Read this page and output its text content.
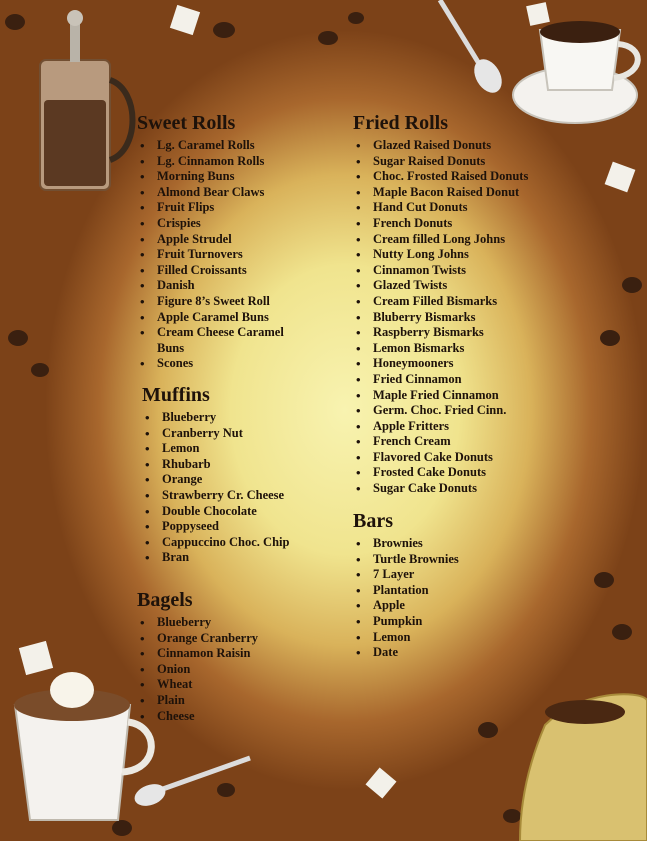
Sweet Rolls
• Lg. Caramel Rolls
• Lg. Cinnamon Rolls
• Morning Buns
• Almond Bear Claws
• Fruit Flips
• Crispies
• Apple Strudel
• Fruit Turnovers
• Filled Croissants
• Danish
• Figure 8’s Sweet Roll
• Apple Caramel Buns
• Cream Cheese Caramel Buns
• Scones
Muffins
• Blueberry
• Cranberry Nut
• Lemon
• Rhubarb
• Orange
• Strawberry Cr. Cheese
• Double Chocolate
• Poppyseed
• Cappuccino Choc. Chip
• Bran
Bagels
• Blueberry
• Orange Cranberry
• Cinnamon Raisin
• Onion
• Wheat
• Plain
• Cheese
Fried Rolls
• Glazed Raised Donuts
• Sugar Raised Donuts
• Choc. Frosted Raised Donuts
• Maple Bacon Raised Donut
• Hand Cut Donuts
• French Donuts
• Cream filled Long Johns
• Nutty Long Johns
• Cinnamon Twists
• Glazed Twists
• Cream Filled Bismarks
• Bluberry Bismarks
• Raspberry Bismarks
• Lemon Bismarks
• Honeymooners
• Fried Cinnamon
• Maple Fried Cinnamon
• Germ. Choc. Fried Cinn.
• Apple Fritters
• French Cream
• Flavored Cake Donuts
• Frosted Cake Donuts
• Sugar Cake Donuts
Bars
• Brownies
• Turtle Brownies
• 7 Layer
• Plantation
• Apple
• Pumpkin
• Lemon
• Date
